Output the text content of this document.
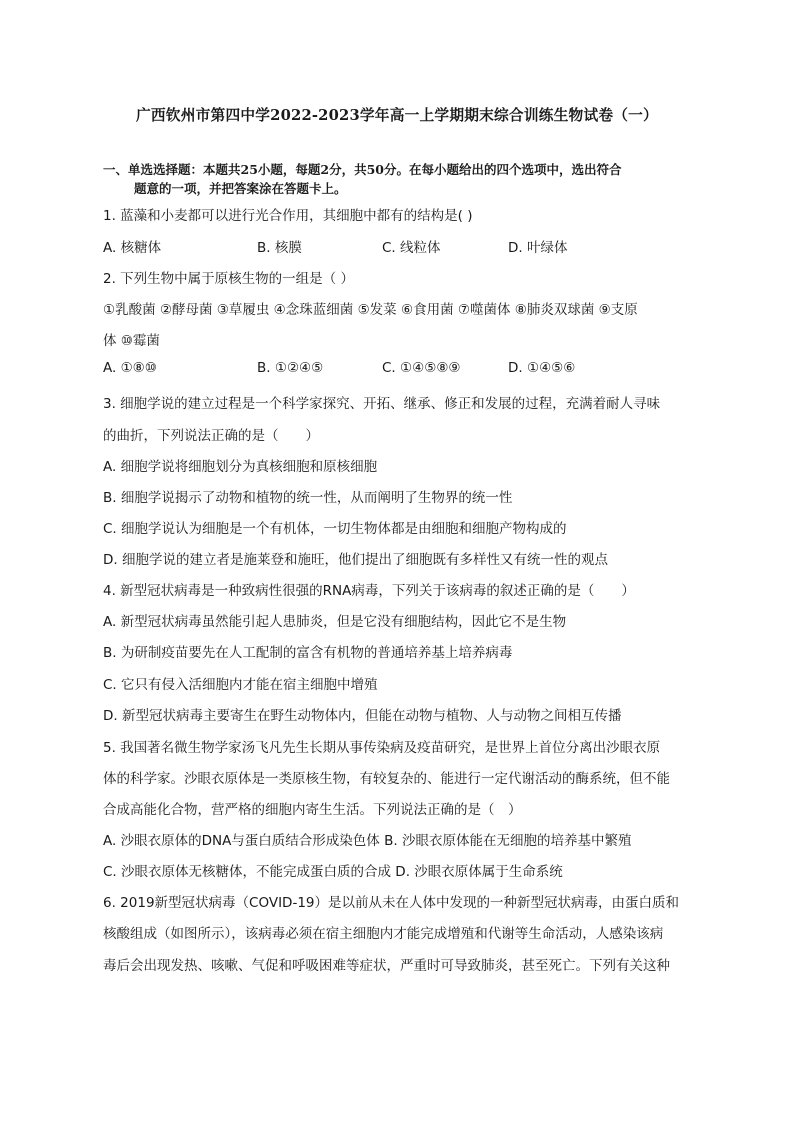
广西钦州市第四中学2022-2023学年高一上学期期末综合训练生物试卷（一）
一、单选选择题：本题共25小题，每题2分，共50分。在每小题给出的四个选项中，选出符合
题意的一项，并把答案涂在答题卡上。
1. 蓝藻和小麦都可以进行光合作用，其细胞中都有的结构是( )
A. 核糖体	B. 核膜	C. 线粒体	D. 叶绿体
2. 下列生物中属于原核生物的一组是（ ）
①乳酸菌 ②酵母菌 ③草履虫 ④念珠蓝细菌 ⑤发菜 ⑥食用菌 ⑦噬菌体 ⑧肺炎双球菌 ⑨支原
体 ⑩霉菌
A. ①⑧⑩	B. ①②④⑤	C. ①④⑤⑧⑨	D. ①④⑤⑥
3. 细胞学说的建立过程是一个科学家探究、开拓、继承、修正和发展的过程，充满着耐人寻味
的曲折，下列说法正确的是（　　）
A. 细胞学说将细胞划分为真核细胞和原核细胞
B. 细胞学说揭示了动物和植物的统一性，从而阐明了生物界的统一性
C. 细胞学说认为细胞是一个有机体，一切生物体都是由细胞和细胞产物构成的
D. 细胞学说的建立者是施莱登和施旺，他们提出了细胞既有多样性又有统一性的观点
4. 新型冠状病毒是一种致病性很强的RNA病毒，下列关于该病毒的叙述正确的是（　　）
A. 新型冠状病毒虽然能引起人患肺炎，但是它没有细胞结构，因此它不是生物
B. 为研制疫苗要先在人工配制的富含有机物的普通培养基上培养病毒
C. 它只有侵入活细胞内才能在宿主细胞中增殖
D. 新型冠状病毒主要寄生在野生动物体内，但能在动物与植物、人与动物之间相互传播
5. 我国著名微生物学家汤飞凡先生长期从事传染病及疫苗研究，是世界上首位分离出沙眼衣原
体的科学家。沙眼衣原体是一类原核生物，有较复杂的、能进行一定代谢活动的酶系统，但不能
合成高能化合物，营严格的细胞内寄生生活。下列说法正确的是（　）
A. 沙眼衣原体的DNA与蛋白质结合形成染色体 B. 沙眼衣原体能在无细胞的培养基中繁殖
C. 沙眼衣原体无核糖体，不能完成蛋白质的合成 D. 沙眼衣原体属于生命系统
6. 2019新型冠状病毒（COVID-19）是以前从未在人体中发现的一种新型冠状病毒，由蛋白质和
核酸组成（如图所示），该病毒必须在宿主细胞内才能完成增殖和代谢等生命活动，人感染该病
毒后会出现发热、咳嗽、气促和呼吸困难等症状，严重时可导致肺炎，甚至死亡。下列有关这种
